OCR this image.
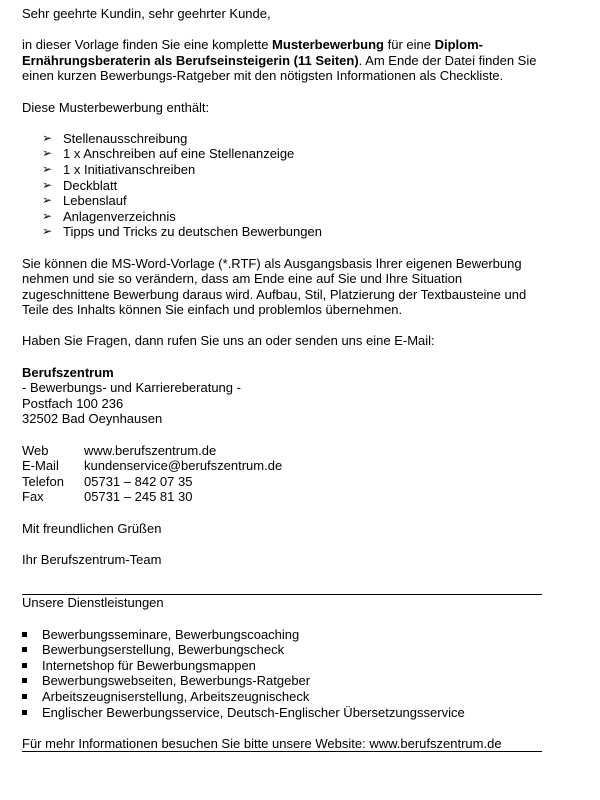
Sehr geehrte Kundin, sehr geehrter Kunde,

in dieser Vorlage finden Sie eine komplette Musterbewerbung für eine Diplom-Ernährungsberaterin als Berufseinsteigerin (11 Seiten). Am Ende der Datei finden Sie einen kurzen Bewerbungs-Ratgeber mit den nötigsten Informationen als Checkliste.

Diese Musterbewerbung enthält:

➢ Stellenausschreibung
➢ 1 x Anschreiben auf eine Stellenanzeige
➢ 1 x Initiativanschreiben
➢ Deckblatt
➢ Lebenslauf
➢ Anlagenverzeichnis
➢ Tipps und Tricks zu deutschen Bewerbungen

Sie können die MS-Word-Vorlage (*.RTF) als Ausgangsbasis Ihrer eigenen Bewerbung nehmen und sie so verändern, dass am Ende eine auf Sie und Ihre Situation zugeschnittene Bewerbung daraus wird. Aufbau, Stil, Platzierung der Textbausteine und Teile des Inhalts können Sie einfach und problemlos übernehmen.

Haben Sie Fragen, dann rufen Sie uns an oder senden uns eine E-Mail:

Berufszentrum

- Bewerbungs- und Karriereberatung -

Postfach 100 236

32502 Bad Oeynhausen

Web	www.berufszentrum.de
E-Mail	kundenservice@berufszentrum.de
Telefon	05731 – 842 07 35
Fax	05731 – 245 81 30

Mit freundlichen Grüßen

Ihr Berufszentrum-Team

Unsere Dienstleistungen

Bewerbungsseminare, Bewerbungscoaching
Bewerbungserstellung, Bewerbungscheck
Internetshop für Bewerbungsmappen
Bewerbungswebseiten, Bewerbungs-Ratgeber
Arbeitszeugniserstellung, Arbeitszeugnischeck
Englischer Bewerbungsservice, Deutsch-Englischer Übersetzungsservice

Für mehr Informationen besuchen Sie bitte unsere Website: www.berufszentrum.de
